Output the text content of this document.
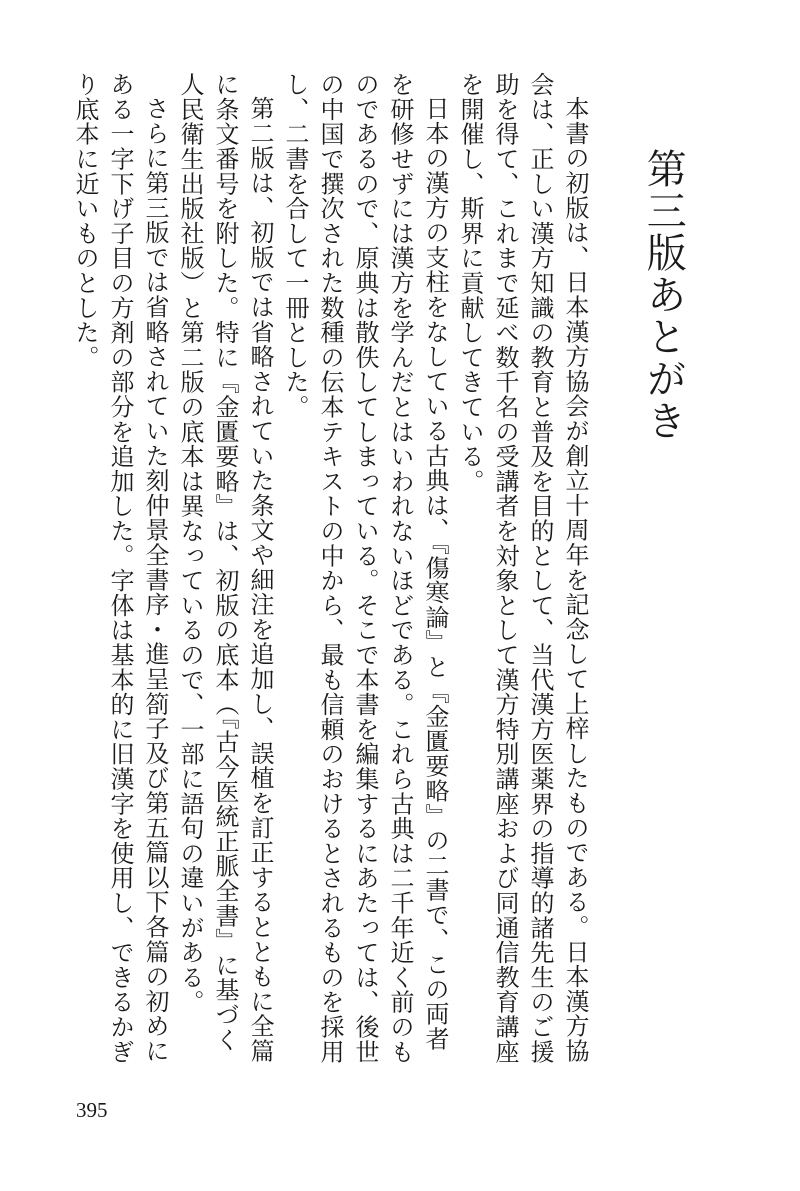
第三版あとがき

本書の初版は、日本漢方協会が創立十周年を記念して上梓したものである。日本漢方協会は、正しい漢方知識の教育と普及を目的として、当代漢方医薬界の指導的諸先生のご援助を得て、これまで延べ数千名の受講者を対象として漢方特別講座および同通信教育講座を開催し、斯界に貢献してきている。

日本の漢方の支柱をなしている古典は、『傷寒論』と『金匱要略』の二書で、この両者を研修せずには漢方を学んだとはいわれないほどである。これら古典は二千年近く前のものであるので、原典は散佚してしまっている。そこで本書を編集するにあたっては、後世の中国で撰次された数種の伝本テキストの中から、最も信頼のおけるとされるものを採用し、二書を合して一冊とした。

第二版は、初版では省略されていた条文や細注を追加し、誤植を訂正するとともに全篇に条文番号を附した。特に『金匱要略』は、初版の底本（『古今医統正脈全書』に基づく人民衛生出版社版）と第二版の底本は異なっているので、一部に語句の違いがある。

さらに第三版では省略されていた刻仲景全書序・進呈箚子及び第五篇以下各篇の初めにある一字下げ子目の方剤の部分を追加した。字体は基本的に旧漢字を使用し、できるかぎり底本に近いものとした。

395
